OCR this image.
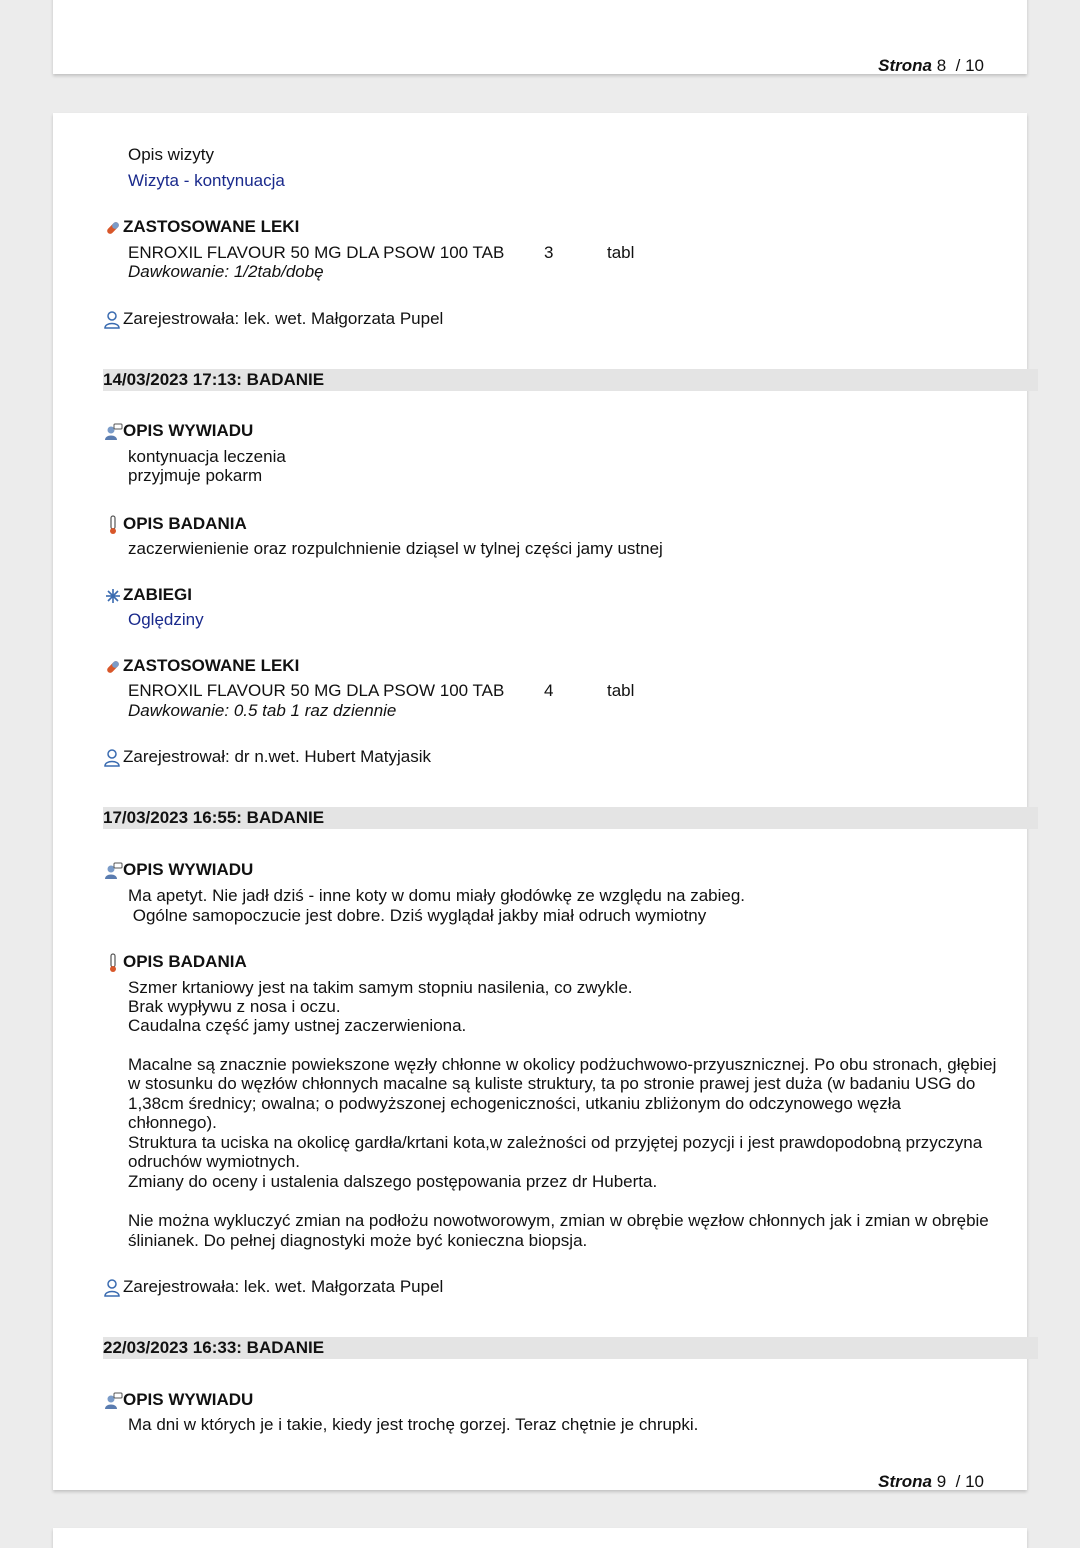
Strona 8 / 10
Opis wizyty
Wizyta - kontynuacja
ZASTOSOWANE LEKI
ENROXIL FLAVOUR 50 MG DLA PSOW 100 TAB 3	tabl
Dawkowanie: 1/2tab/dobę
Zarejestrowała: lek. wet. Małgorzata Pupel
14/03/2023 17:13: BADANIE
OPIS WYWIADU
kontynuacja leczenia
przyjmuje pokarm
OPIS BADANIA
zaczerwienienie oraz rozpulchnienie dziąsel w tylnej części jamy ustnej
ZABIEGI
Oględziny
ZASTOSOWANE LEKI
ENROXIL FLAVOUR 50 MG DLA PSOW 100 TAB 4	tabl
Dawkowanie: 0.5 tab 1 raz dziennie
Zarejestrował: dr n.wet. Hubert Matyjasik
17/03/2023 16:55: BADANIE
OPIS WYWIADU
Ma apetyt. Nie jadł dziś - inne koty w domu miały głodówkę ze względu na zabieg.
Ogólne samopoczucie jest dobre. Dziś wyglądał jakby miał odruch wymiotny
OPIS BADANIA
Szmer krtaniowy jest na takim samym stopniu nasilenia, co zwykle.
Brak wypływu z nosa i oczu.
Caudalna część jamy ustnej zaczerwieniona.
Macalne są znacznie powiekszone węzły chłonne w okolicy podżuchwowo-przyusznicznej. Po obu stronach, głębiej
w stosunku do węzłów chłonnych macalne są kuliste struktury, ta po stronie prawej jest duża (w badaniu USG do
1,38cm średnicy; owalna; o podwyższonej echogeniczności, utkaniu zbliżonym do odczynowego węzła
chłonnego).
Struktura ta uciska na okolicę gardła/krtani kota,w zależności od przyjętej pozycji i jest prawdopodobną przyczyna
odruchów wymiotnych.
Zmiany do oceny i ustalenia dalszego postępowania przez dr Huberta.
Nie można wykluczyć zmian na podłożu nowotworowym, zmian w obrębie węzłow chłonnych jak i zmian w obrębie
ślinianek. Do pełnej diagnostyki może być konieczna biopsja.
Zarejestrowała: lek. wet. Małgorzata Pupel
22/03/2023 16:33: BADANIE
OPIS WYWIADU
Ma dni w których je i takie, kiedy jest trochę gorzej. Teraz chętnie je chrupki.
Strona 9 / 10
